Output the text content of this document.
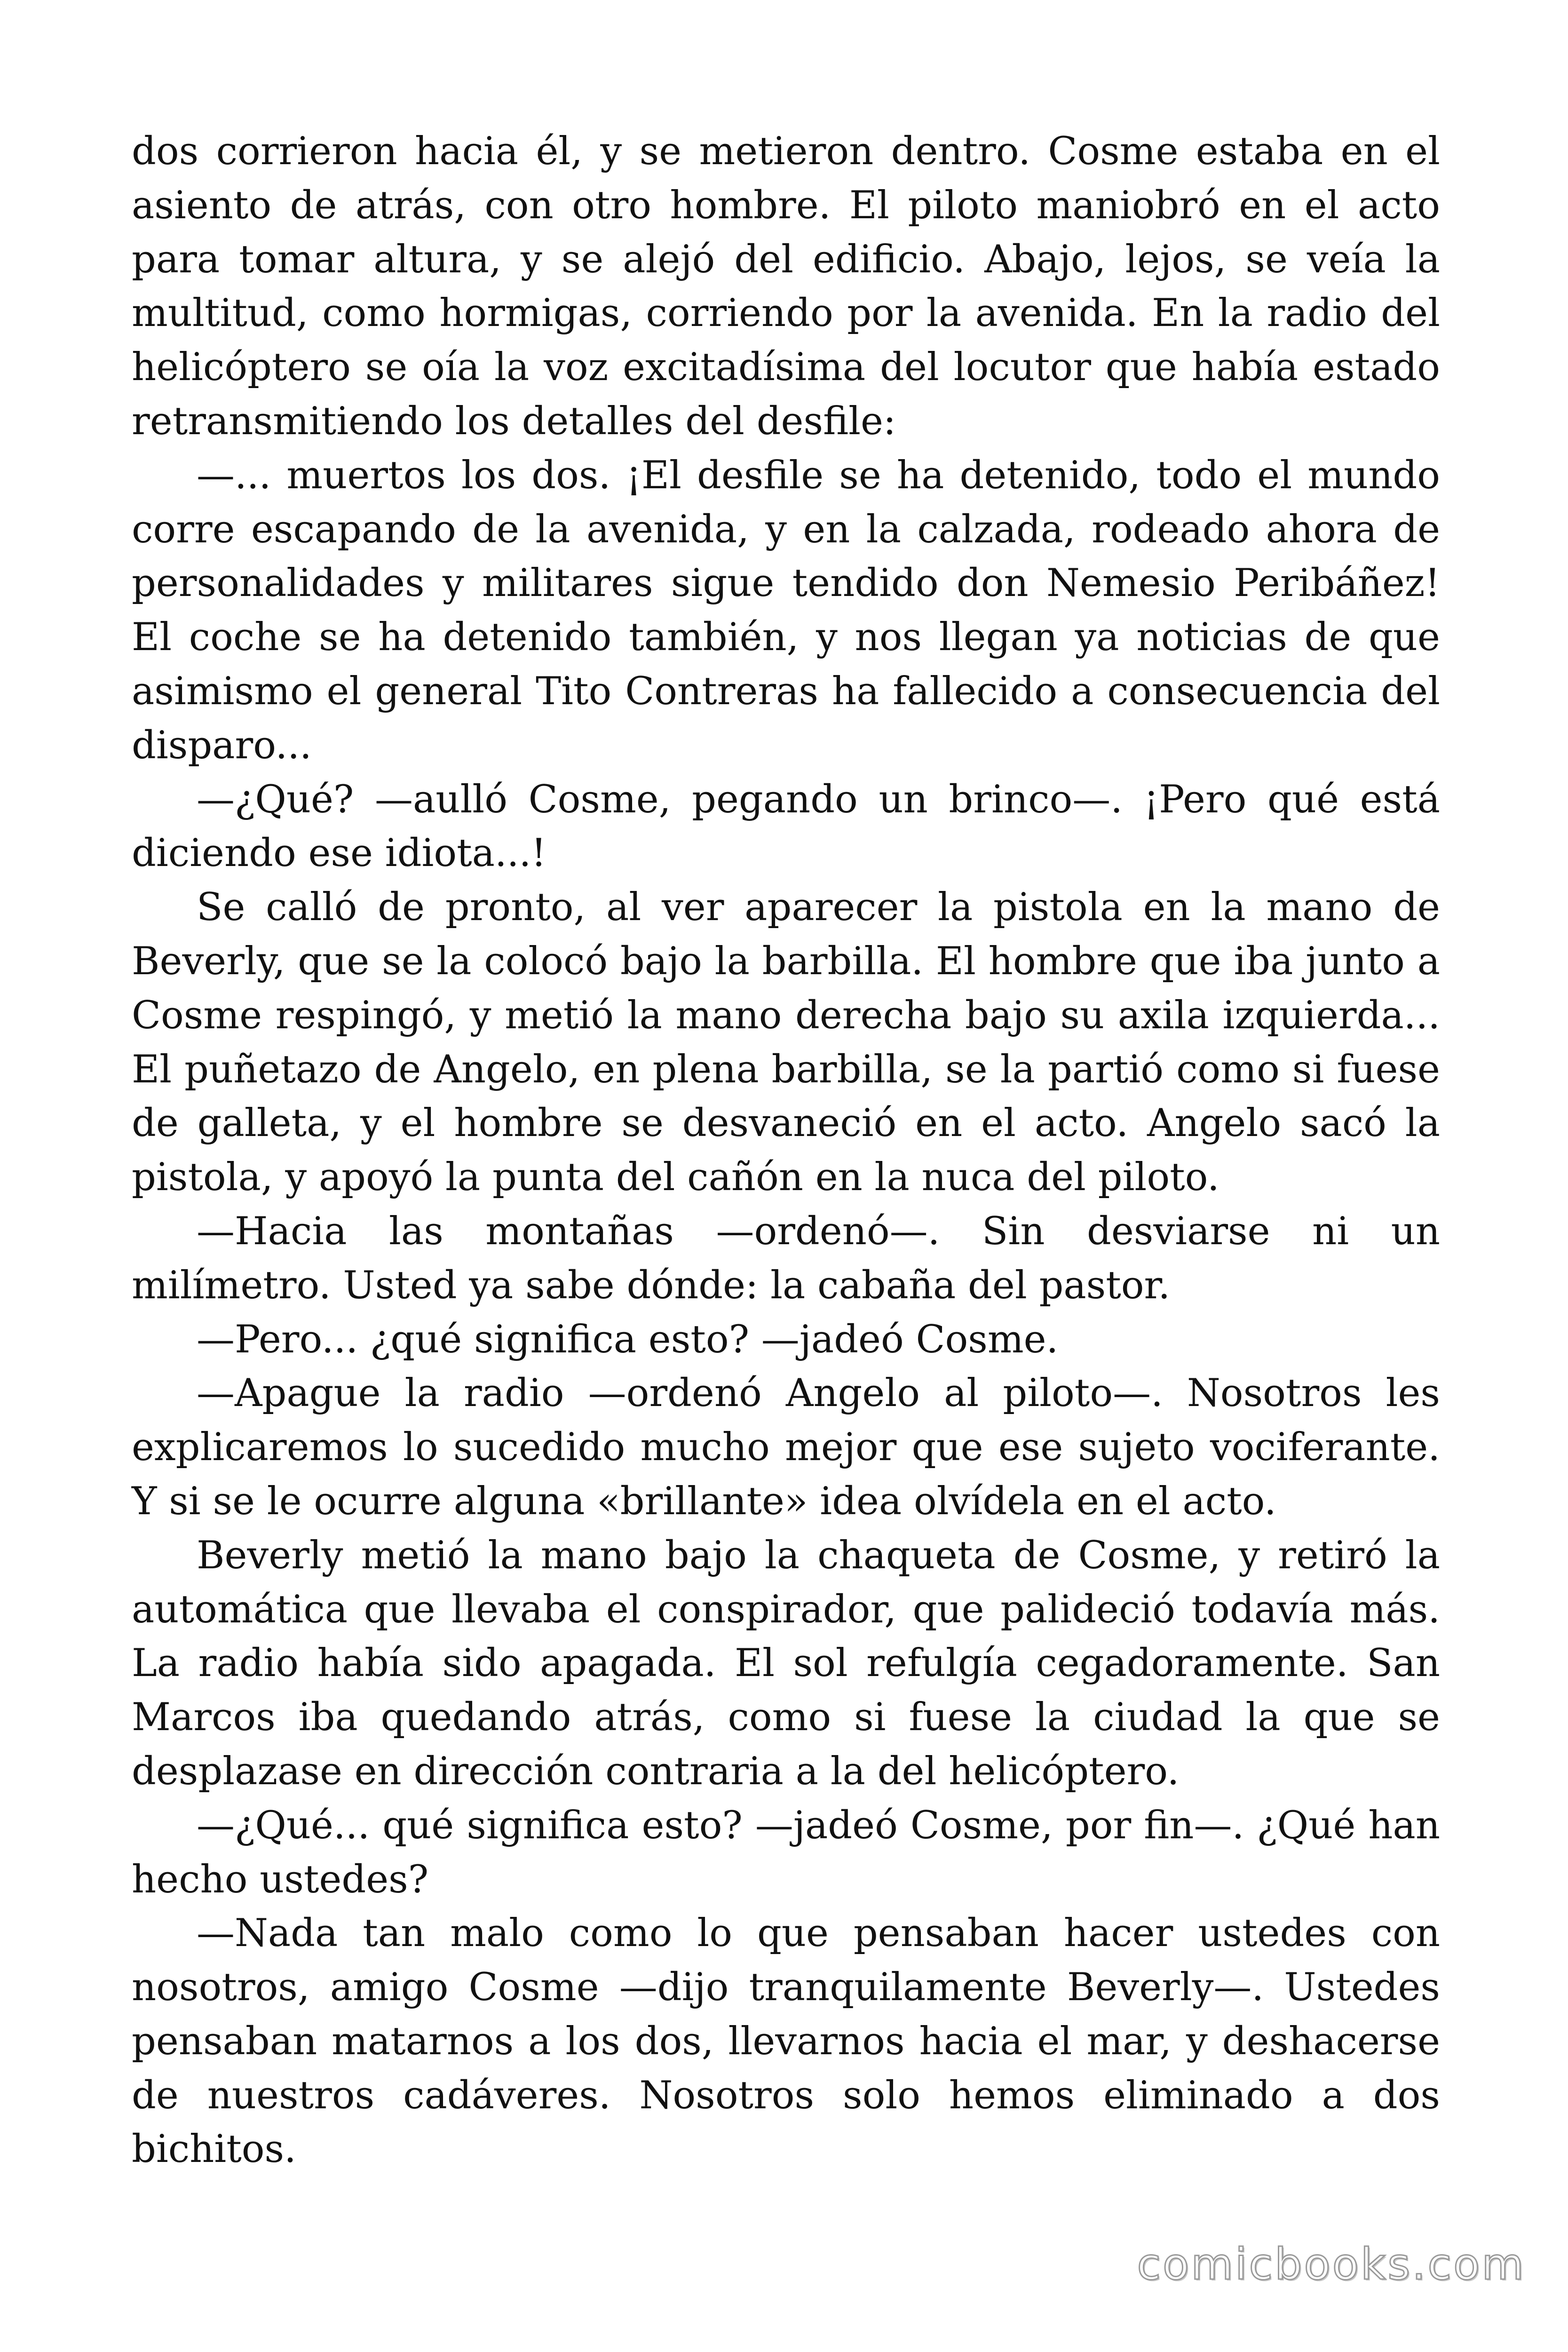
dos corrieron hacia él, y se metieron dentro. Cosme estaba en el asiento de atrás, con otro hombre. El piloto maniobró en el acto para tomar altura, y se alejó del edificio. Abajo, lejos, se veía la multitud, como hormigas, corriendo por la avenida. En la radio del helicóptero se oía la voz excitadísima del locutor que había estado retransmitiendo los detalles del desfile:

—... muertos los dos. ¡El desfile se ha detenido, todo el mundo corre escapando de la avenida, y en la calzada, rodeado ahora de personalidades y militares sigue tendido don Nemesio Peribáñez! El coche se ha detenido también, y nos llegan ya noticias de que asimismo el general Tito Contreras ha fallecido a consecuencia del disparo...

—¿Qué? —aulló Cosme, pegando un brinco—. ¡Pero qué está diciendo ese idiota...!

Se calló de pronto, al ver aparecer la pistola en la mano de Beverly, que se la colocó bajo la barbilla. El hombre que iba junto a Cosme respingó, y metió la mano derecha bajo su axila izquierda... El puñetazo de Angelo, en plena barbilla, se la partió como si fuese de galleta, y el hombre se desvaneció en el acto. Angelo sacó la pistola, y apoyó la punta del cañón en la nuca del piloto.

—Hacia las montañas —ordenó—. Sin desviarse ni un milímetro. Usted ya sabe dónde: la cabaña del pastor.

—Pero... ¿qué significa esto? —jadeó Cosme.

—Apague la radio —ordenó Angelo al piloto—. Nosotros les explicaremos lo sucedido mucho mejor que ese sujeto vociferante. Y si se le ocurre alguna «brillante» idea olvídela en el acto.

Beverly metió la mano bajo la chaqueta de Cosme, y retiró la automática que llevaba el conspirador, que palideció todavía más. La radio había sido apagada. El sol refulgía cegadoramente. San Marcos iba quedando atrás, como si fuese la ciudad la que se desplazase en dirección contraria a la del helicóptero.

—¿Qué... qué significa esto? —jadeó Cosme, por fin—. ¿Qué han hecho ustedes?

—Nada tan malo como lo que pensaban hacer ustedes con nosotros, amigo Cosme —dijo tranquilamente Beverly—. Ustedes pensaban matarnos a los dos, llevarnos hacia el mar, y deshacerse de nuestros cadáveres. Nosotros solo hemos eliminado a dos bichitos.

comicbooks.com
